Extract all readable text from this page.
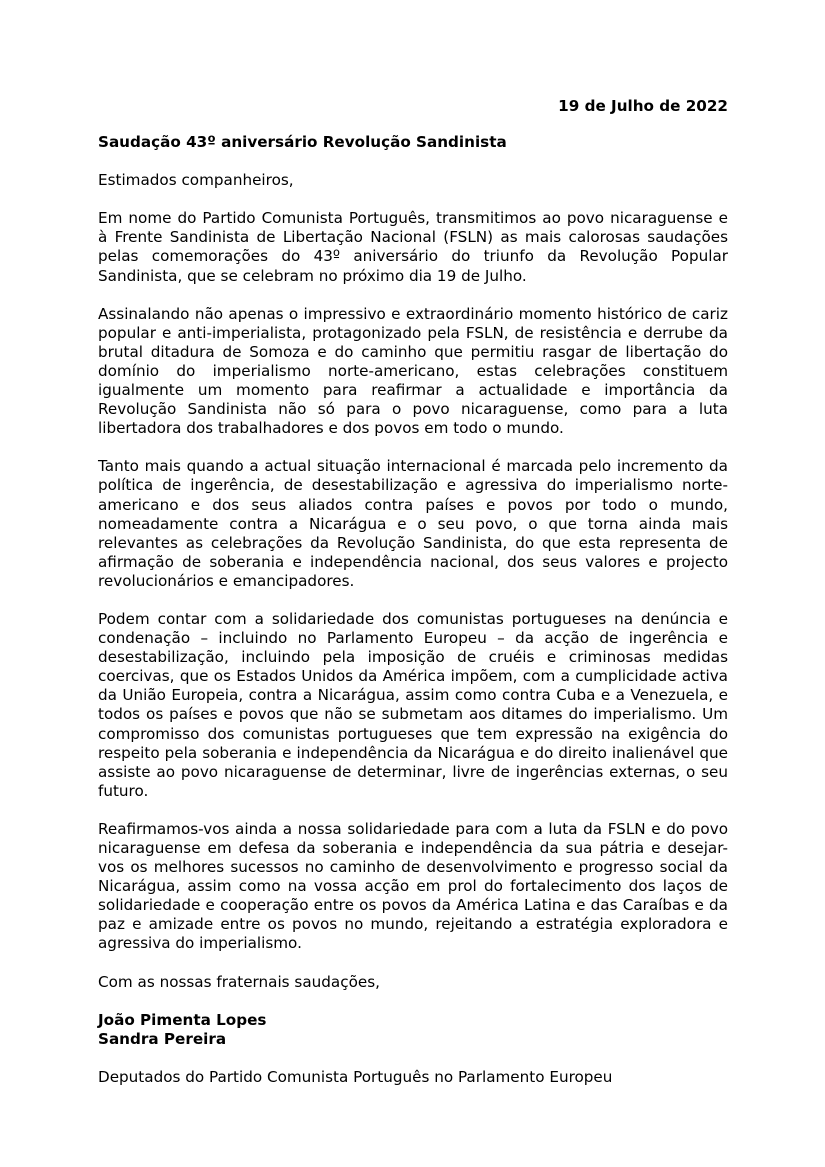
19 de Julho de 2022
Saudação 43º aniversário Revolução Sandinista

Estimados companheiros,

Em nome do Partido Comunista Português, transmitimos ao povo nicaraguense e à Frente Sandinista de Libertação Nacional (FSLN) as mais calorosas saudações pelas comemorações do 43º aniversário do triunfo da Revolução Popular Sandinista, que se celebram no próximo dia 19 de Julho.

Assinalando não apenas o impressivo e extraordinário momento histórico de cariz popular e anti-imperialista, protagonizado pela FSLN, de resistência e derrube da brutal ditadura de Somoza e do caminho que permitiu rasgar de libertação do domínio do imperialismo norte-americano, estas celebrações constituem igualmente um momento para reafirmar a actualidade e importância da Revolução Sandinista não só para o povo nicaraguense, como para a luta libertadora dos trabalhadores e dos povos em todo o mundo.

Tanto mais quando a actual situação internacional é marcada pelo incremento da política de ingerência, de desestabilização e agressiva do imperialismo norte-americano e dos seus aliados contra países e povos por todo o mundo, nomeadamente contra a Nicarágua e o seu povo, o que torna ainda mais relevantes as celebrações da Revolução Sandinista, do que esta representa de afirmação de soberania e independência nacional, dos seus valores e projecto revolucionários e emancipadores.

Podem contar com a solidariedade dos comunistas portugueses na denúncia e condenação – incluindo no Parlamento Europeu – da acção de ingerência e desestabilização, incluindo pela imposição de cruéis e criminosas medidas coercivas, que os Estados Unidos da América impõem, com a cumplicidade activa da União Europeia, contra a Nicarágua, assim como contra Cuba e a Venezuela, e todos os países e povos que não se submetam aos ditames do imperialismo. Um compromisso dos comunistas portugueses que tem expressão na exigência do respeito pela soberania e independência da Nicarágua e do direito inalienável que assiste ao povo nicaraguense de determinar, livre de ingerências externas, o seu futuro.

Reafirmamos-vos ainda a nossa solidariedade para com a luta da FSLN e do povo nicaraguense em defesa da soberania e independência da sua pátria e desejar-vos os melhores sucessos no caminho de desenvolvimento e progresso social da Nicarágua, assim como na vossa acção em prol do fortalecimento dos laços de solidariedade e cooperação entre os povos da América Latina e das Caraíbas e da paz e amizade entre os povos no mundo, rejeitando a estratégia exploradora e agressiva do imperialismo.

Com as nossas fraternais saudações,
João Pimenta Lopes
Sandra Pereira
Deputados do Partido Comunista Português no Parlamento Europeu
